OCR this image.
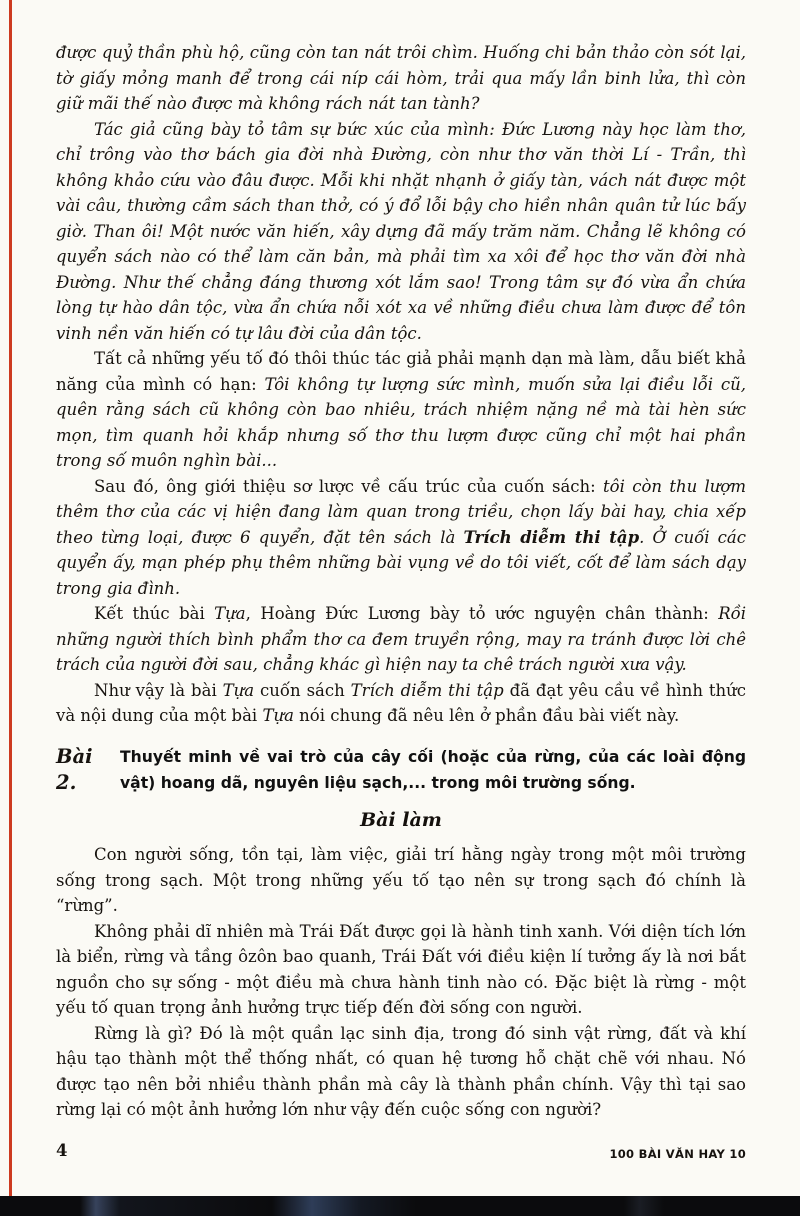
được quỷ thần phù hộ, cũng còn tan nát trôi chìm. Huống chi bản thảo còn sót lại, tờ giấy mỏng manh để trong cái níp cái hòm, trải qua mấy lần binh lửa, thì còn giữ mãi thế nào được mà không rách nát tan tành?

Tác giả cũng bày tỏ tâm sự bức xúc của mình: Đức Lương này học làm thơ, chỉ trông vào thơ bách gia đời nhà Đường, còn như thơ văn thời Lí - Trần, thì không khảo cứu vào đâu được. Mỗi khi nhặt nhạnh ở giấy tàn, vách nát được một vài câu, thường cầm sách than thở, có ý đổ lỗi bậy cho hiền nhân quân tử lúc bấy giờ. Than ôi! Một nước văn hiến, xây dựng đã mấy trăm năm. Chẳng lẽ không có quyển sách nào có thể làm căn bản, mà phải tìm xa xôi để học thơ văn đời nhà Đường. Như thế chẳng đáng thương xót lắm sao! Trong tâm sự đó vừa ẩn chứa lòng tự hào dân tộc, vừa ẩn chứa nỗi xót xa về những điều chưa làm được để tôn vinh nền văn hiến có tự lâu đời của dân tộc.

Tất cả những yếu tố đó thôi thúc tác giả phải mạnh dạn mà làm, dẫu biết khả năng của mình có hạn: Tôi không tự lượng sức mình, muốn sửa lại điều lỗi cũ, quên rằng sách cũ không còn bao nhiêu, trách nhiệm nặng nề mà tài hèn sức mọn, tìm quanh hỏi khắp nhưng số thơ thu lượm được cũng chỉ một hai phần trong số muôn nghìn bài...

Sau đó, ông giới thiệu sơ lược về cấu trúc của cuốn sách: tôi còn thu lượm thêm thơ của các vị hiện đang làm quan trong triều, chọn lấy bài hay, chia xếp theo từng loại, được 6 quyển, đặt tên sách là Trích diễm thi tập. Ở cuối các quyển ấy, mạn phép phụ thêm những bài vụng về do tôi viết, cốt để làm sách dạy trong gia đình.

Kết thúc bài Tựa, Hoàng Đức Lương bày tỏ ước nguyện chân thành: Rồi những người thích bình phẩm thơ ca đem truyền rộng, may ra tránh được lời chê trách của người đời sau, chẳng khác gì hiện nay ta chê trách người xưa vậy.

Như vậy là bài Tựa cuốn sách Trích diễm thi tập đã đạt yêu cầu về hình thức và nội dung của một bài Tựa nói chung đã nêu lên ở phần đầu bài viết này.

Bài 2.
Thuyết minh về vai trò của cây cối (hoặc của rừng, của các loài động vật) hoang dã, nguyên liệu sạch,... trong môi trường sống.
Bài làm

Con người sống, tồn tại, làm việc, giải trí hằng ngày trong một môi trường sống trong sạch. Một trong những yếu tố tạo nên sự trong sạch đó chính là “rừng”.

Không phải dĩ nhiên mà Trái Đất được gọi là hành tinh xanh. Với diện tích lớn là biển, rừng và tầng ôzôn bao quanh, Trái Đất với điều kiện lí tưởng ấy là nơi bắt nguồn cho sự sống - một điều mà chưa hành tinh nào có. Đặc biệt là rừng - một yếu tố quan trọng ảnh hưởng trực tiếp đến đời sống con người.

Rừng là gì? Đó là một quần lạc sinh địa, trong đó sinh vật rừng, đất và khí hậu tạo thành một thể thống nhất, có quan hệ tương hỗ chặt chẽ với nhau. Nó được tạo nên bởi nhiều thành phần mà cây là thành phần chính. Vậy thì tại sao rừng lại có một ảnh hưởng lớn như vậy đến cuộc sống con người?

4	100 BÀI VĂN HAY 10
